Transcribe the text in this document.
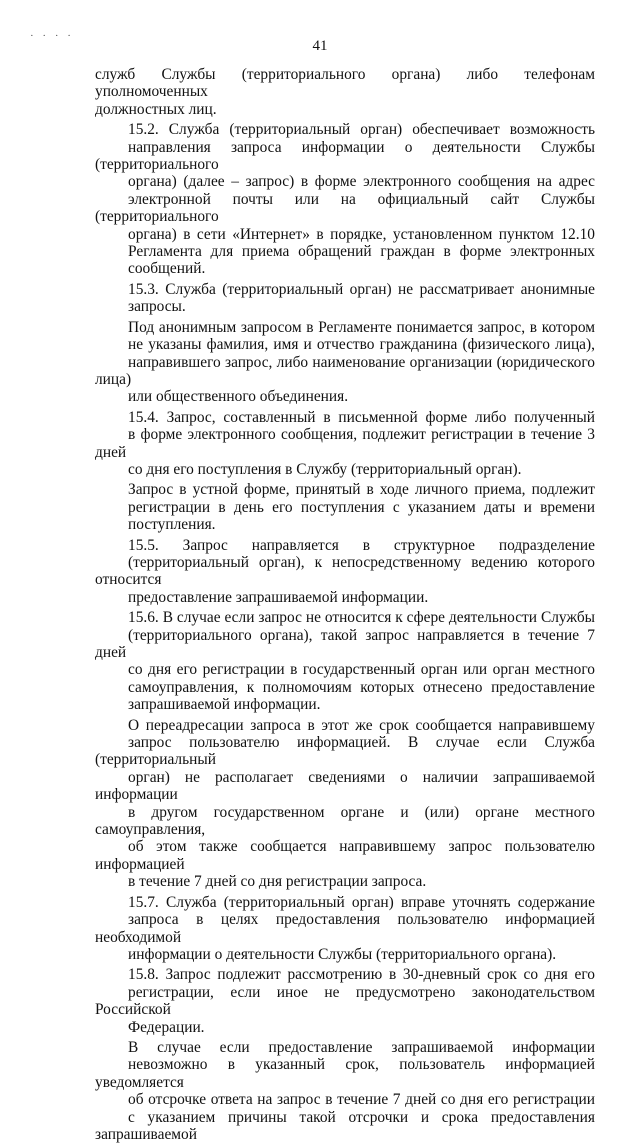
· · · ·
41

служб Службы (территориального органа) либо телефонам уполномоченных
должностных лиц.

15.2. Служба (территориальный орган) обеспечивает возможность
направления запроса информации о деятельности Службы (территориального
органа) (далее – запрос) в форме электронного сообщения на адрес
электронной почты или на официальный сайт Службы (территориального
органа) в сети «Интернет» в порядке, установленном пунктом 12.10
Регламента для приема обращений граждан в форме электронных
сообщений.

15.3. Служба (территориальный орган) не рассматривает анонимные
запросы.

Под анонимным запросом в Регламенте понимается запрос, в котором
не указаны фамилия, имя и отчество гражданина (физического лица),
направившего запрос, либо наименование организации (юридического лица)
или общественного объединения.

15.4. Запрос, составленный в письменной форме либо полученный
в форме электронного сообщения, подлежит регистрации в течение 3 дней
со дня его поступления в Службу (территориальный орган).

Запрос в устной форме, принятый в ходе личного приема, подлежит
регистрации в день его поступления с указанием даты и времени
поступления.

15.5. Запрос направляется в структурное подразделение
(территориальный орган), к непосредственному ведению которого относится
предоставление запрашиваемой информации.

15.6. В случае если запрос не относится к сфере деятельности Службы
(территориального органа), такой запрос направляется в течение 7 дней
со дня его регистрации в государственный орган или орган местного
самоуправления, к полномочиям которых отнесено предоставление
запрашиваемой информации.

О переадресации запроса в этот же срок сообщается направившему
запрос пользователю информацией. В случае если Служба (территориальный
орган) не располагает сведениями о наличии запрашиваемой информации
в другом государственном органе и (или) органе местного самоуправления,
об этом также сообщается направившему запрос пользователю информацией
в течение 7 дней со дня регистрации запроса.

15.7. Служба (территориальный орган) вправе уточнять содержание
запроса в целях предоставления пользователю информацией необходимой
информации о деятельности Службы (территориального органа).

15.8. Запрос подлежит рассмотрению в 30-дневный срок со дня его
регистрации, если иное не предусмотрено законодательством Российской
Федерации.

В случае если предоставление запрашиваемой информации
невозможно в указанный срок, пользователь информацией уведомляется
об отсрочке ответа на запрос в течение 7 дней со дня его регистрации
с указанием причины такой отсрочки и срока предоставления запрашиваемой
